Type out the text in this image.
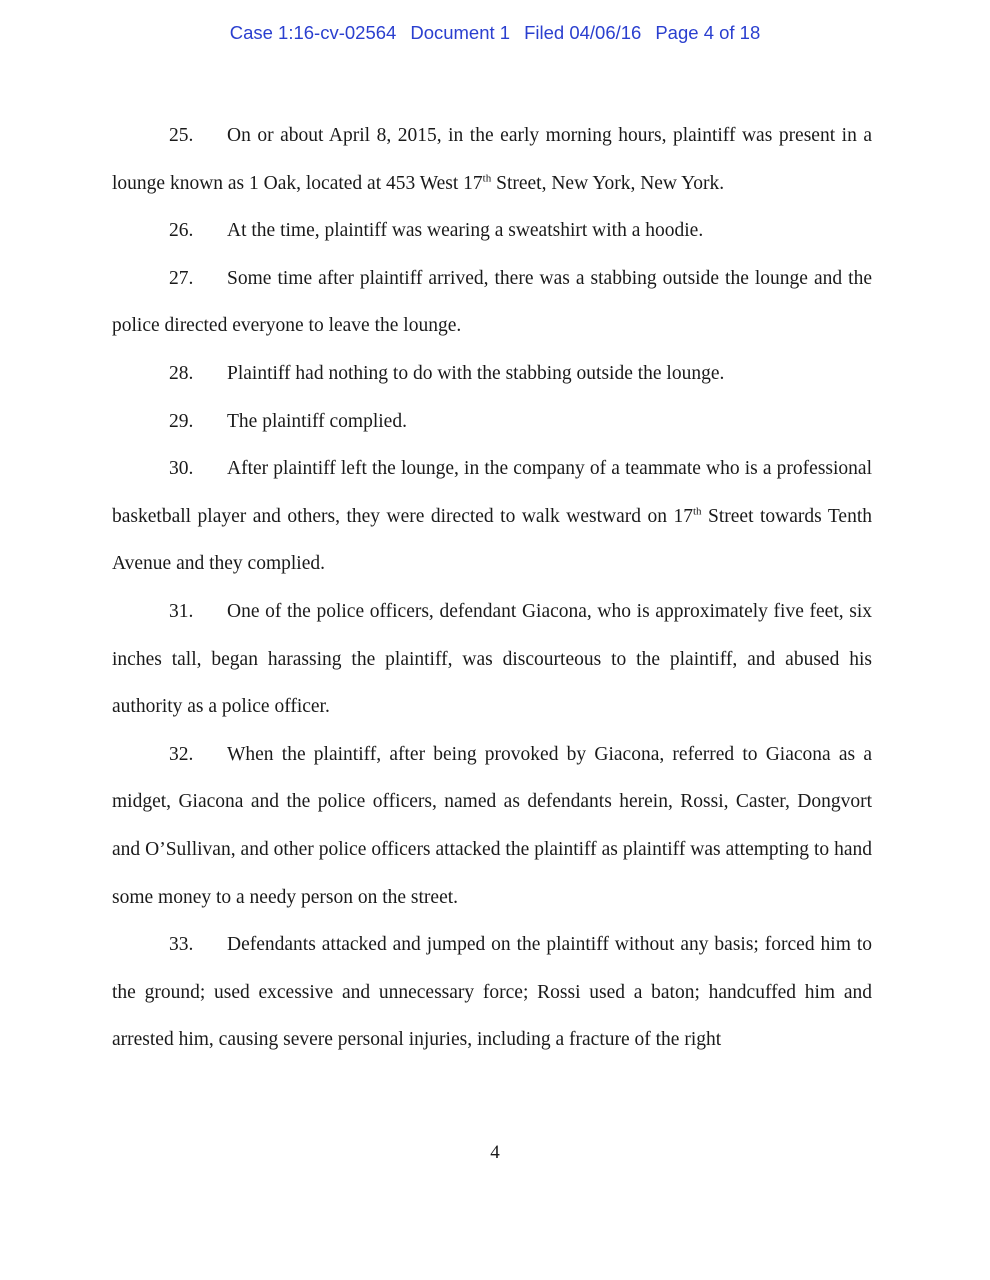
Case 1:16-cv-02564 Document 1 Filed 04/06/16 Page 4 of 18

25. On or about April 8, 2015, in the early morning hours, plaintiff was present in a lounge known as 1 Oak, located at 453 West 17th Street, New York, New York.

26. At the time, plaintiff was wearing a sweatshirt with a hoodie.

27. Some time after plaintiff arrived, there was a stabbing outside the lounge and the police directed everyone to leave the lounge.

28. Plaintiff had nothing to do with the stabbing outside the lounge.

29. The plaintiff complied.

30. After plaintiff left the lounge, in the company of a teammate who is a professional basketball player and others, they were directed to walk westward on 17th Street towards Tenth Avenue and they complied.

31. One of the police officers, defendant Giacona, who is approximately five feet, six inches tall, began harassing the plaintiff, was discourteous to the plaintiff, and abused his authority as a police officer.

32. When the plaintiff, after being provoked by Giacona, referred to Giacona as a midget, Giacona and the police officers, named as defendants herein, Rossi, Caster, Dongvort and O’Sullivan, and other police officers attacked the plaintiff as plaintiff was attempting to hand some money to a needy person on the street.

33. Defendants attacked and jumped on the plaintiff without any basis; forced him to the ground; used excessive and unnecessary force; Rossi used a baton; handcuffed him and arrested him, causing severe personal injuries, including a fracture of the right

4
